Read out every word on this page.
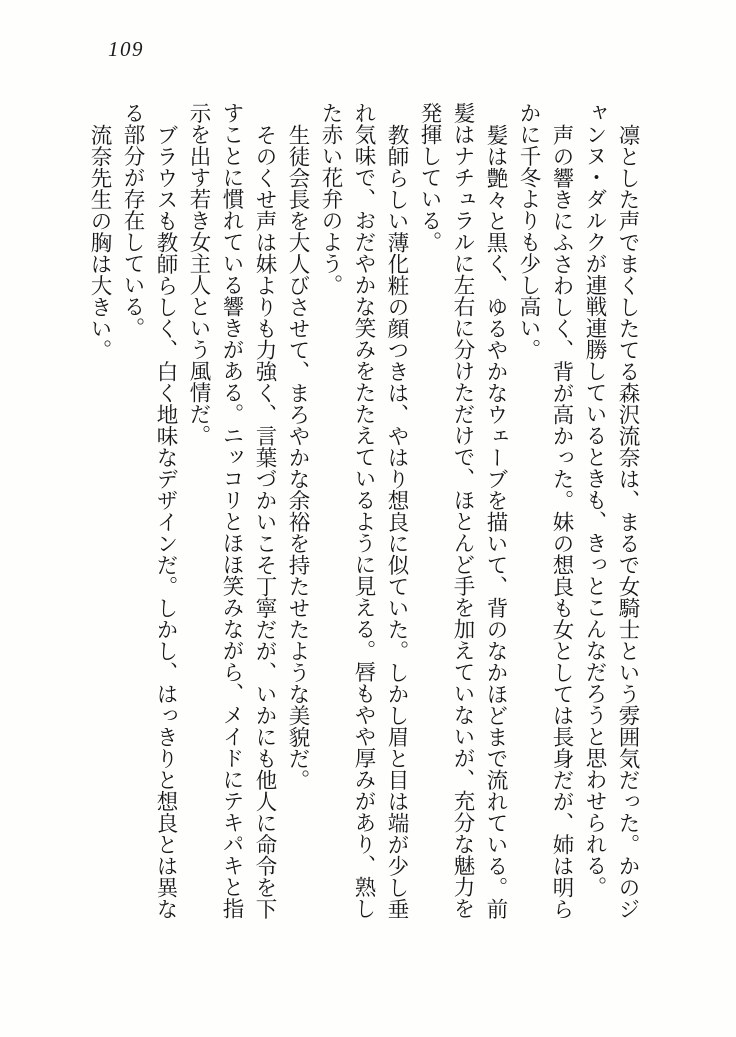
109

凛とした声でまくしたてる森沢流奈は、まるで女騎士という雰囲気だった。かのジャンヌ・ダルクが連戦連勝しているときも、きっとこんなだろうと思わせられる。

声の響きにふさわしく、背が高かった。妹の想良も女としては長身だが、姉は明らかに千冬よりも少し高い。

髪は艶々と黒く、ゆるやかなウェーブを描いて、背のなかほどまで流れている。前髪はナチュラルに左右に分けただけで、ほとんど手を加えていないが、充分な魅力を発揮している。

教師らしい薄化粧の顔つきは、やはり想良に似ていた。しかし眉と目は端が少し垂れ気味で、おだやかな笑みをたたえているように見える。唇もやや厚みがあり、熟した赤い花弁のよう。

生徒会長を大人びさせて、まろやかな余裕を持たせたような美貌だ。

そのくせ声は妹よりも力強く、言葉づかいこそ丁寧だが、いかにも他人に命令を下すことに慣れている響きがある。ニッコリとほほ笑みながら、メイドにテキパキと指示を出す若き女主人という風情だ。

ブラウスも教師らしく、白く地味なデザインだ。しかし、はっきりと想良とは異なる部分が存在している。

流奈先生の胸は大きい。
